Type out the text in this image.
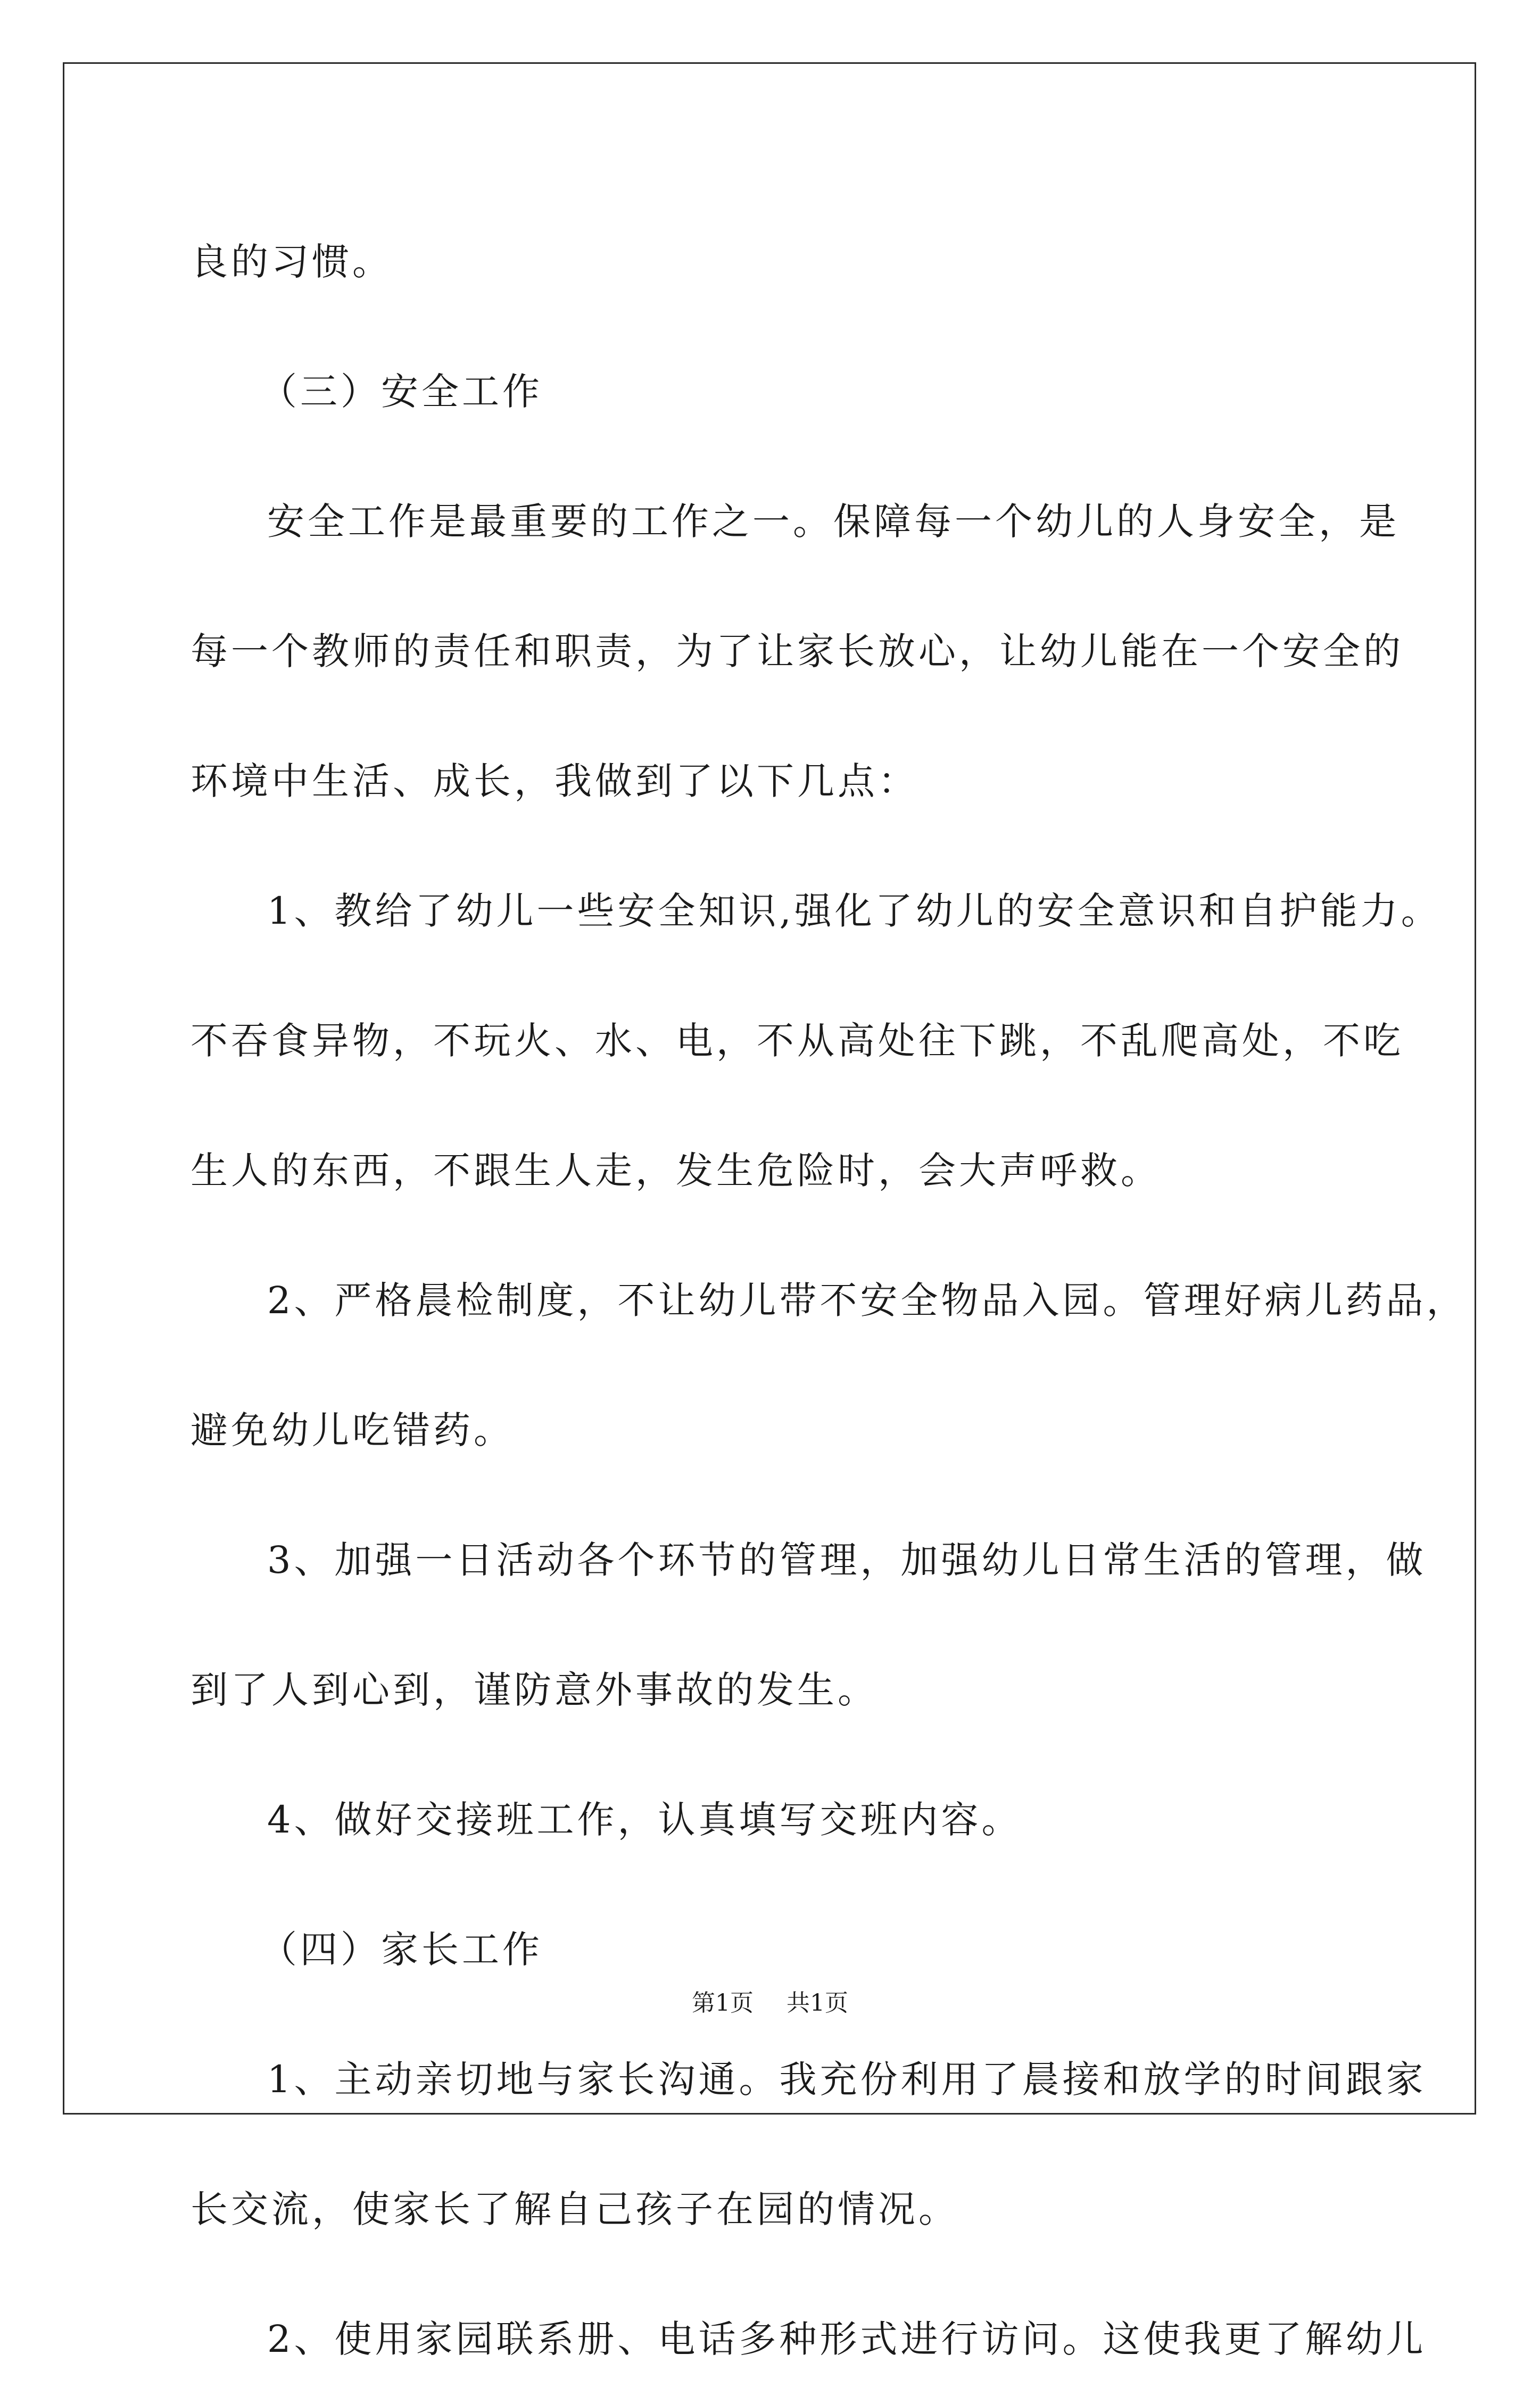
良的习惯。
（三）安全工作
安全工作是最重要的工作之一。保障每一个幼儿的人身安全，是
每一个教师的责任和职责，为了让家长放心，让幼儿能在一个安全的
环境中生活、成长，我做到了以下几点：
1、教给了幼儿一些安全知识,强化了幼儿的安全意识和自护能力。
不吞食异物，不玩火、水、电，不从高处往下跳，不乱爬高处，不吃
生人的东西，不跟生人走，发生危险时，会大声呼救。
2、严格晨检制度，不让幼儿带不安全物品入园。管理好病儿药品，
避免幼儿吃错药。
3、加强一日活动各个环节的管理，加强幼儿日常生活的管理，做
到了人到心到，谨防意外事故的发生。
4、做好交接班工作，认真填写交班内容。
（四）家长工作
1、主动亲切地与家长沟通。我充份利用了晨接和放学的时间跟家
长交流，使家长了解自己孩子在园的情况。
2、使用家园联系册、电话多种形式进行访问。这使我更了解幼儿
第1页 共1页
